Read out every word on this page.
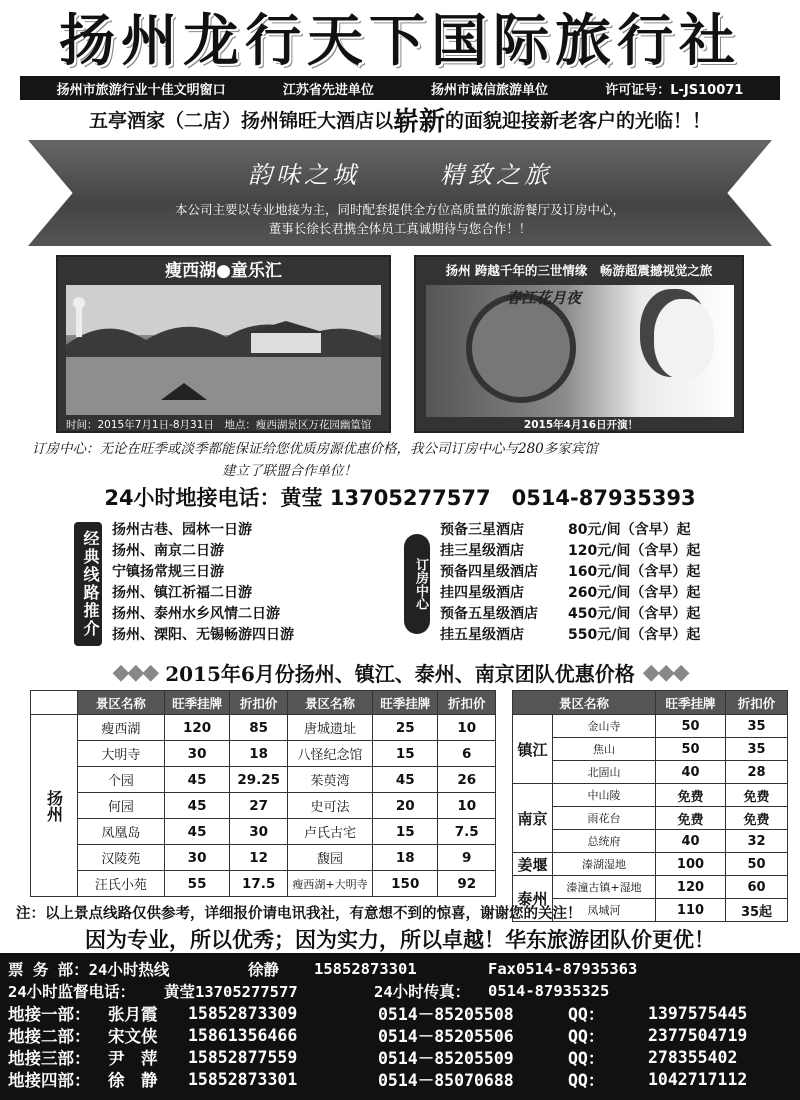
扬州龙行天下国际旅行社
扬州市旅游行业十佳文明窗口	江苏省先进单位	扬州市诚信旅游单位	许可证号：L-JS10071
五亭酒家（二店）扬州锦旺大酒店以 崭新 的面貌迎接新老客户的光临！！
韵味之城	精致之旅
本公司主要以专业地接为主，同时配套提供全方位高质量的旅游餐厅及订房中心，
董事长徐长君携全体员工真诚期待与您合作！！
瘦西湖●童乐汇
时间：2015年7月1日-8月31日　地点：瘦西湖景区万花园幽篁馆
扬州 跨越千年的三世情缘　畅游超震撼视觉之旅
春江花月夜
2015年4月16日开演！
订房中心：无论在旺季或淡季都能保证给您优质房源优惠价格，我公司订房中心与280多家宾馆
建立了联盟合作单位！
24小时地接电话：黄莹 13705277577　0514-87935393
经典线路推介 扬州古巷、园林一日游
扬州、南京二日游
宁镇扬常规三日游
扬州、镇江祈福二日游
扬州、泰州水乡风情二日游
扬州、溧阳、无锡畅游四日游
订房中心
预备三星酒店	80元/间（含早）起
挂三星级酒店	120元/间（含早）起
预备四星级酒店	160元/间（含早）起
挂四星级酒店	260元/间（含早）起
预备五星级酒店	450元/间（含早）起
挂五星级酒店	550元/间（含早）起
◆◆◆ 2015年6月份扬州、镇江、泰州、南京团队优惠价格 ◆◆◆
	景区名称	旺季挂牌	折扣价	景区名称	旺季挂牌	折扣价
扬州	瘦西湖	120	85	唐城遗址	25	10
	大明寺	30	18	八怪纪念馆	15	6
	个园	45	29.25	茱萸湾	45	26
	何园	45	27	史可法	20	10
	凤凰岛	45	30	卢氏古宅	15	7.5
	汉陵苑	30	12	馥园	18	9
	汪氏小苑	55	17.5	瘦西湖+大明寺	150	92
景区名称		旺季挂牌	折扣价
镇江	金山寺	50	35
	焦山	50	35
	北固山	40	28
南京	中山陵	免费	免费
	雨花台	免费	免费
	总统府	40	32
姜堰	溱湖湿地	100	50
泰州	溱潼古镇+湿地	120	60
	凤城河	110	35起
注：以上景点线路仅供参考，详细报价请电讯我社，有意想不到的惊喜，谢谢您的关注！
因为专业，所以优秀；因为实力，所以卓越！华东旅游团队价更优！
票 务 部：24小时热线	徐静	15852873301	Fax0514-87935363
24小时监督电话：	黄莹13705277577	24小时传真：	0514-87935325
地接一部：	张月霞	15852873309	0514－85205508	QQ：	1397575445
地接二部：	宋文侠	15861356466	0514－85205506	QQ：	2377504719
地接三部：	尹　萍	15852877559	0514－85205509	QQ：	278355402
地接四部：	徐　静	15852873301	0514－85070688	QQ：	1042717112
